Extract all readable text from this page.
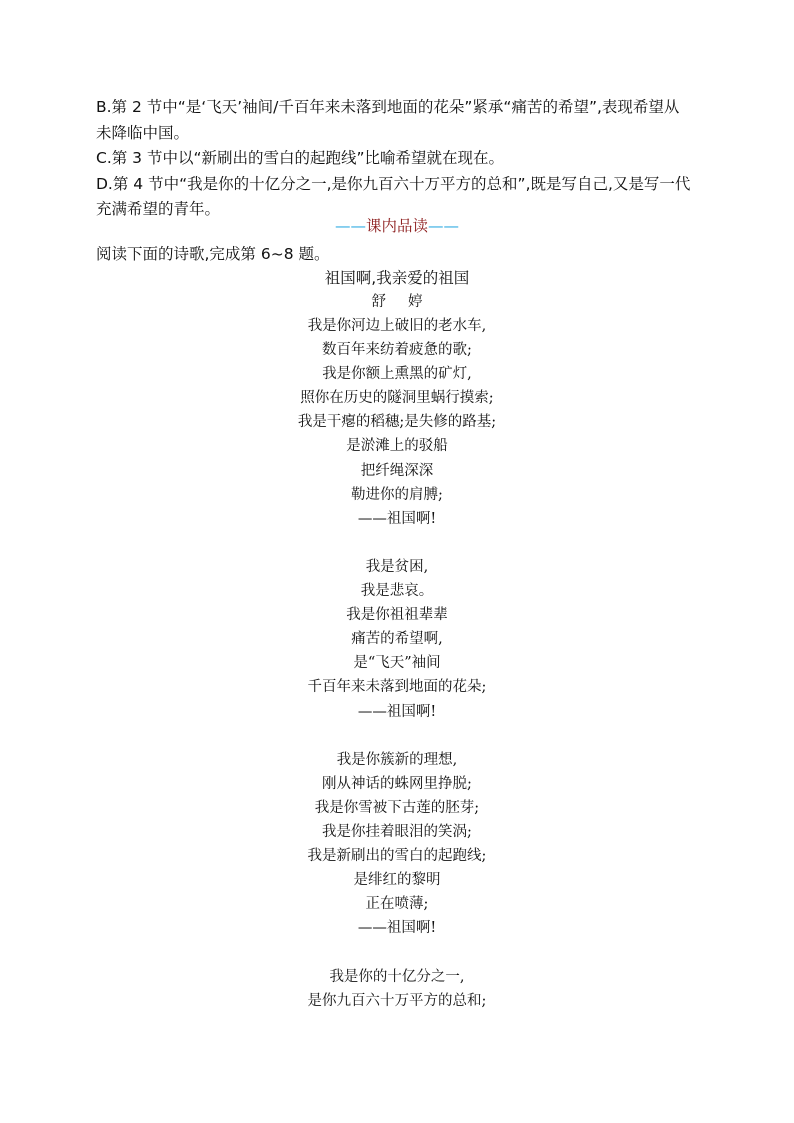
B.第 2 节中“是‘飞天’袖间/千百年来未落到地面的花朵”紧承“痛苦的希望”,表现希望从

未降临中国。

C.第 3 节中以“新刷出的雪白的起跑线”比喻希望就在现在。

D.第 4 节中“我是你的十亿分之一,是你九百六十万平方的总和”,既是写自己,又是写一代

充满希望的青年。

——课内品读——
阅读下面的诗歌,完成第 6~8 题。
祖国啊,我亲爱的祖国
舒 婷
我是你河边上破旧的老水车,
数百年来纺着疲惫的歌;
我是你额上熏黑的矿灯,
照你在历史的隧洞里蜗行摸索;
我是干瘪的稻穗;是失修的路基;
是淤滩上的驳船
把纤绳深深
勒进你的肩膊;
——祖国啊!
我是贫困,
我是悲哀。
我是你祖祖辈辈
痛苦的希望啊,
是“飞天”袖间
千百年来未落到地面的花朵;
——祖国啊!
我是你簇新的理想,
刚从神话的蛛网里挣脱;
我是你雪被下古莲的胚芽;
我是你挂着眼泪的笑涡;
我是新刷出的雪白的起跑线;
是绯红的黎明
正在喷薄;
——祖国啊!
我是你的十亿分之一,
是你九百六十万平方的总和;
